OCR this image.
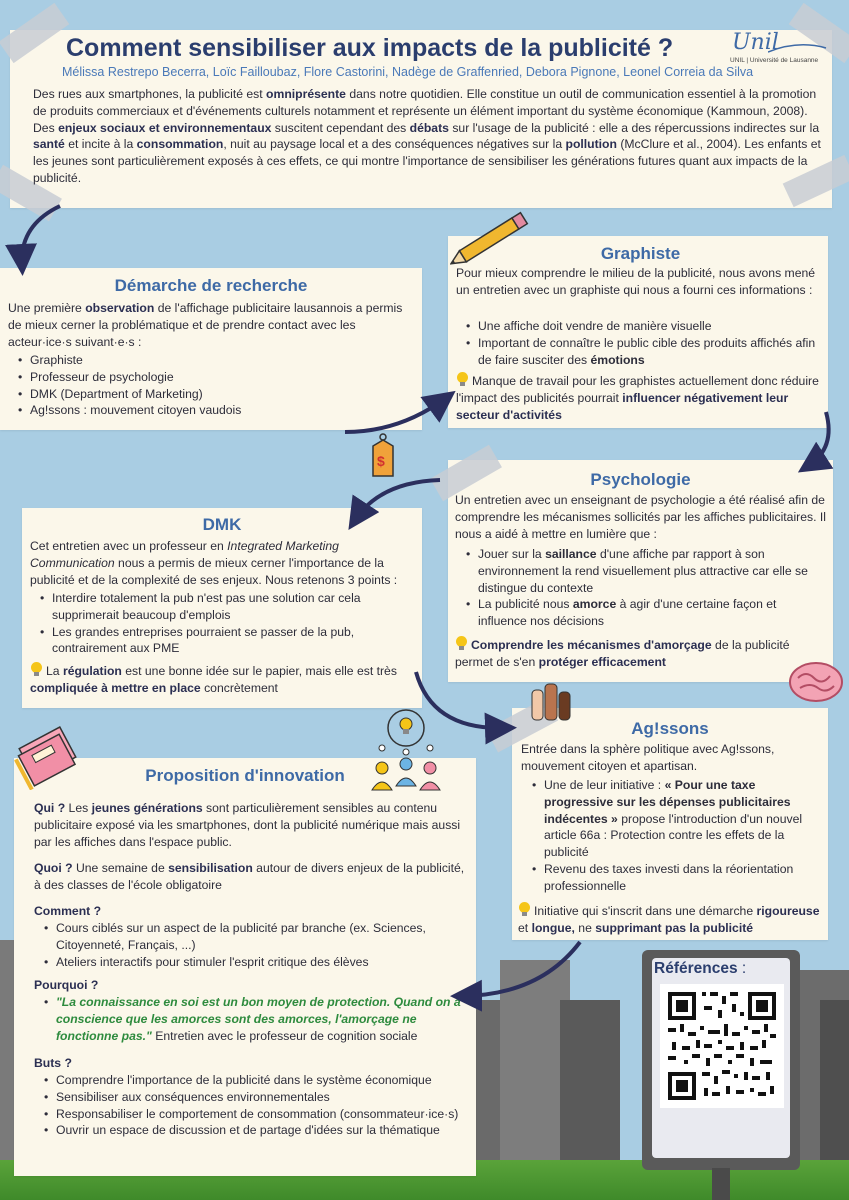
Comment sensibiliser aux impacts de la publicité ?	Unil
UNIL | Université de Lausanne
Mélissa Restrepo Becerra, Loïc Failloubaz, Flore Castorini, Nadège de Graffenried, Debora Pignone, Leonel Correia da Silva
Des rues aux smartphones, la publicité est omniprésente dans notre quotidien. Elle constitue un outil de communication essentiel à la promotion de produits commerciaux et d'événements culturels notamment et représente un élément important du système économique (Kammoun, 2008). Des enjeux sociaux et environnementaux suscitent cependant des débats sur l'usage de la publicité : elle a des répercussions indirectes sur la santé et incite à la consommation, nuit au paysage local et a des conséquences négatives sur la pollution (McClure et al., 2004). Les enfants et les jeunes sont particulièrement exposés à ces effets, ce qui montre l'importance de sensibiliser les générations futures quant aux impacts de la publicité.
Démarche de recherche
Une première observation de l'affichage publicitaire lausannois a permis de mieux cerner la problématique et de prendre contact avec les acteur·ice·s suivant·e·s :
• Graphiste
• Professeur de psychologie
• DMK (Department of Marketing)
• Ag!ssons : mouvement citoyen vaudois
Graphiste
Pour mieux comprendre le milieu de la publicité, nous avons mené un entretien avec un graphiste qui nous a fourni ces informations :
• Une affiche doit vendre de manière visuelle
• Important de connaître le public cible des produits affichés afin de faire susciter des émotions
Manque de travail pour les graphistes actuellement donc réduire l'impact des publicités pourrait influencer négativement leur secteur d'activités
Psychologie
Un entretien avec un enseignant de psychologie a été réalisé afin de comprendre les mécanismes sollicités par les affiches publicitaires. Il nous a aidé à mettre en lumière que :
• Jouer sur la saillance d'une affiche par rapport à son environnement la rend visuellement plus attractive car elle se distingue du contexte
• La publicité nous amorce à agir d'une certaine façon et influence nos décisions
Comprendre les mécanismes d'amorçage de la publicité permet de s'en protéger efficacement
DMK
Cet entretien avec un professeur en Integrated Marketing Communication nous a permis de mieux cerner l'importance de la publicité et de la complexité de ses enjeux. Nous retenons 3 points :
• Interdire totalement la pub n'est pas une solution car cela supprimerait beaucoup d'emplois
• Les grandes entreprises pourraient se passer de la pub, contrairement aux PME
La régulation est une bonne idée sur le papier, mais elle est très compliquée à mettre en place concrètement
Ag!ssons
Entrée dans la sphère politique avec Ag!ssons, mouvement citoyen et apartisan.
• Une de leur initiative : « Pour une taxe progressive sur les dépenses publicitaires indécentes » propose l'introduction d'un nouvel article 66a : Protection contre les effets de la publicité
• Revenu des taxes investi dans la réorientation professionnelle
Initiative qui s'inscrit dans une démarche rigoureuse et longue, ne supprimant pas la publicité
Proposition d'innovation
Qui ? Les jeunes générations sont particulièrement sensibles au contenu publicitaire exposé via les smartphones, dont la publicité numérique mais aussi par les affiches dans l'espace public.
Quoi ? Une semaine de sensibilisation autour de divers enjeux de la publicité, à des classes de l'école obligatoire
Comment ?
• Cours ciblés sur un aspect de la publicité par branche (ex. Sciences, Citoyenneté, Français, ...)
• Ateliers interactifs pour stimuler l'esprit critique des élèves
Pourquoi ?
• "La connaissance en soi est un bon moyen de protection. Quand on a conscience que les amorces sont des amorces, l'amorçage ne fonctionne pas." Entretien avec le professeur de cognition sociale
Buts ?
• Comprendre l'importance de la publicité dans le système économique
• Sensibiliser aux conséquences environnementales
• Responsabiliser le comportement de consommation (consommateur·ice·s)
• Ouvrir un espace de discussion et de partage d'idées sur la thématique
Références :
$
